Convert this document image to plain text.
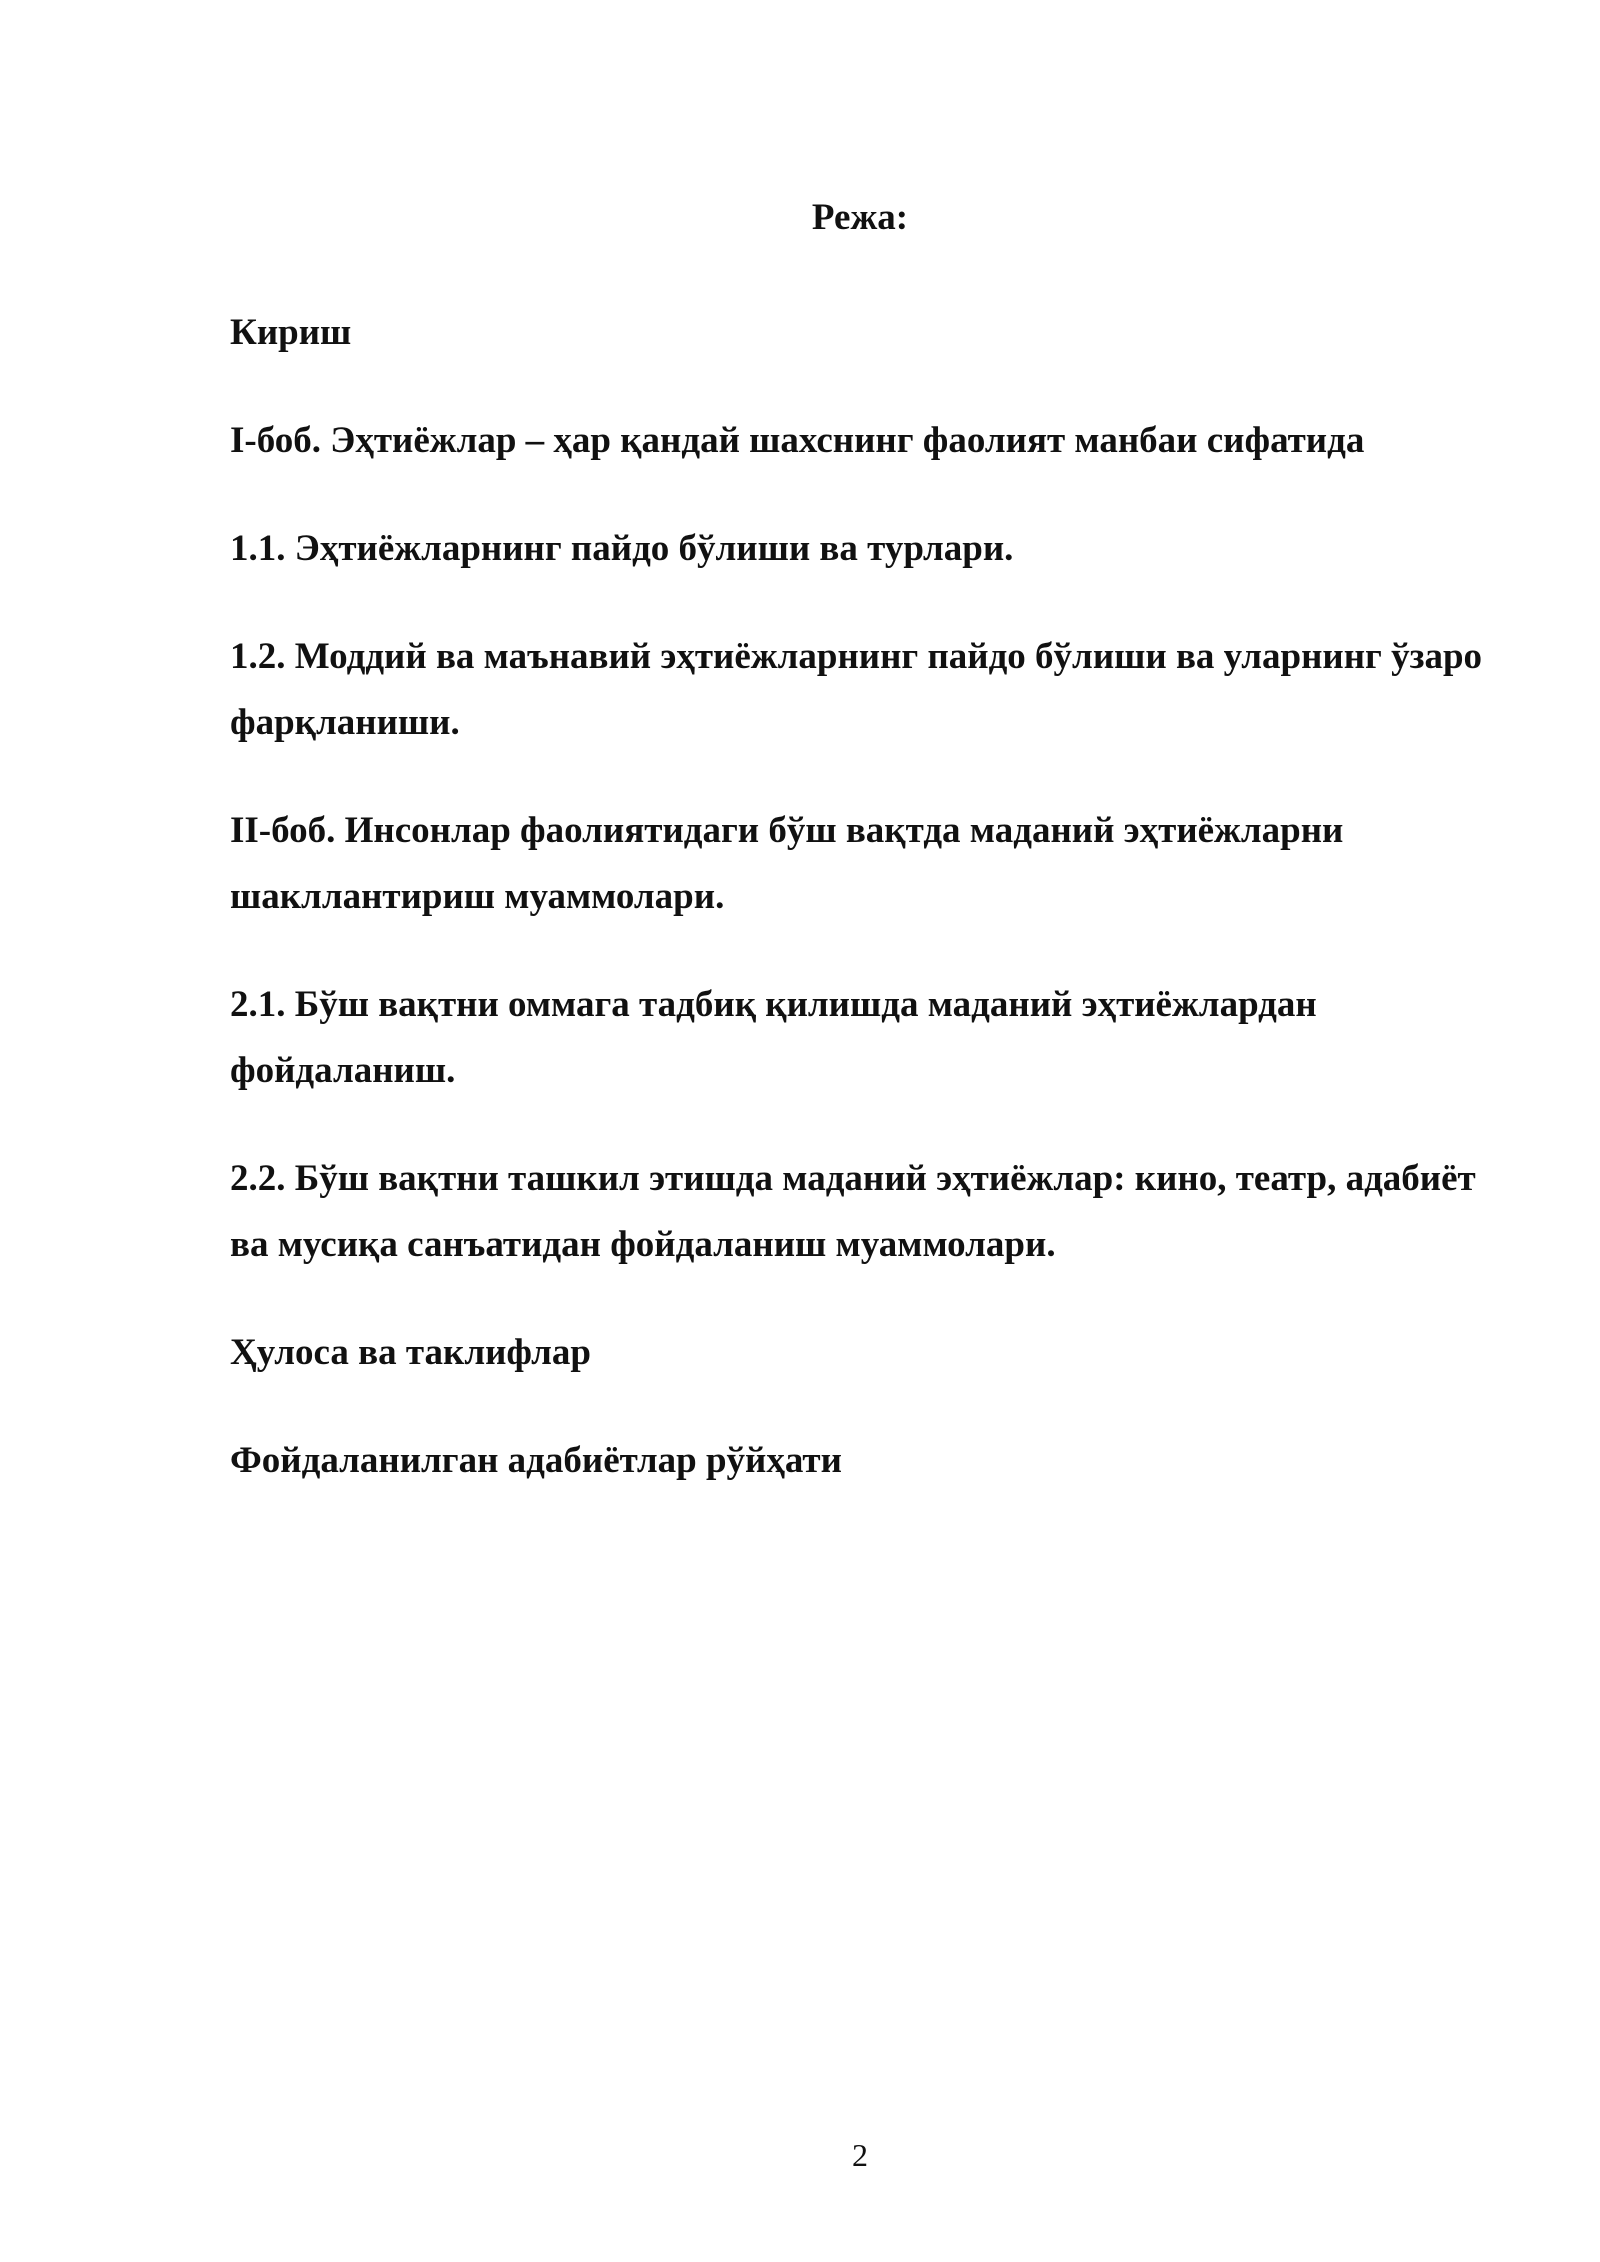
Режа:
Кириш
I-боб. Эҳтиёжлар – ҳар қандай шахснинг фаолият манбаи сифатида
1.1. Эҳтиёжларнинг пайдо бўлиши ва турлари.
1.2. Моддий ва маънавий эҳтиёжларнинг пайдо бўлиши ва уларнинг ўзаро фарқланиши.
II-боб. Инсонлар фаолиятидаги бўш вақтда маданий эҳтиёжларни шакллантириш муаммолари.
2.1. Бўш вақтни оммага тадбиқ қилишда маданий эҳтиёжлардан фойдаланиш.
2.2. Бўш вақтни ташкил этишда маданий эҳтиёжлар: кино, театр, адабиёт ва мусиқа санъатидан фойдаланиш муаммолари.
Ҳулоса ва таклифлар
Фойдаланилган адабиётлар рўйҳати
2
